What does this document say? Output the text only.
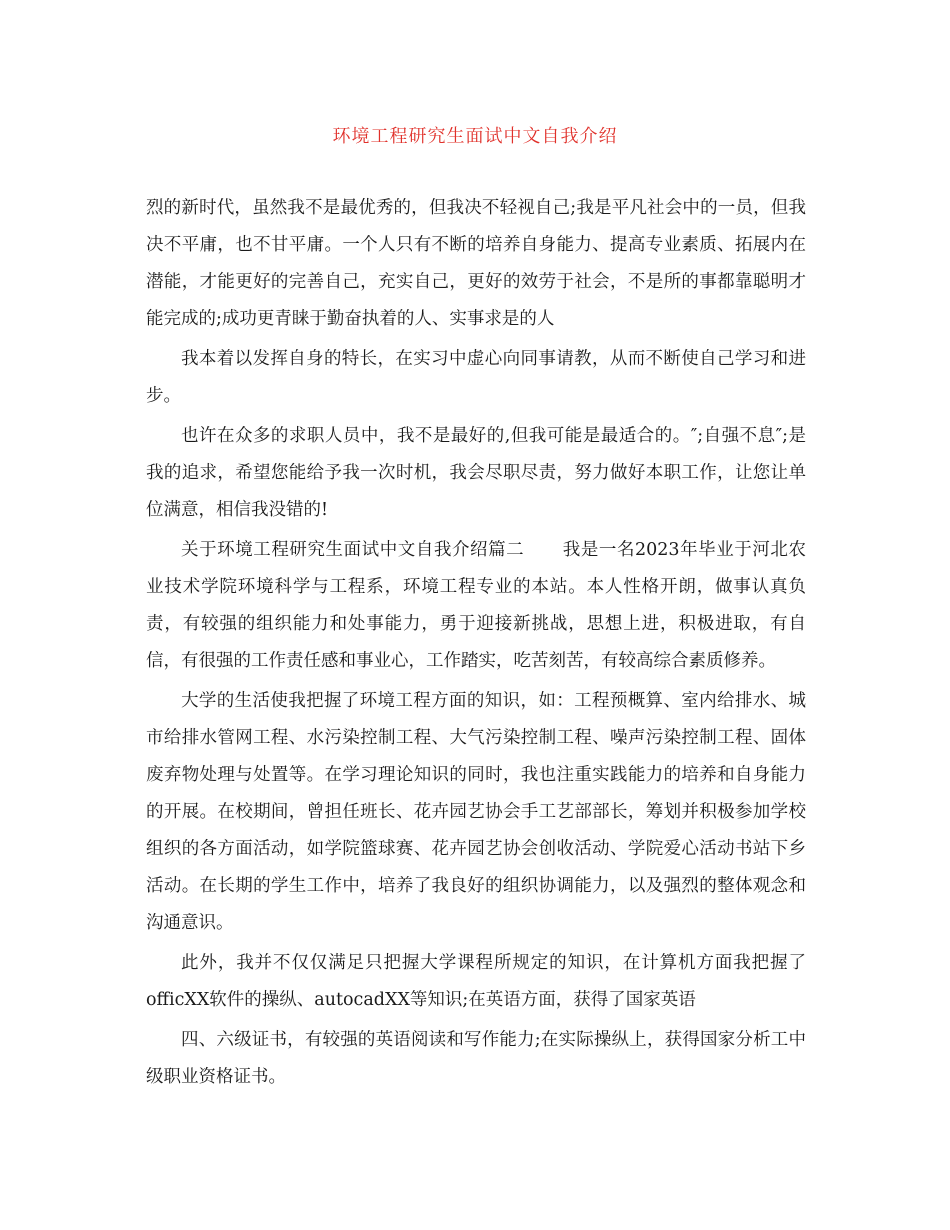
环境工程研究生面试中文自我介绍

烈的新时代，虽然我不是最优秀的，但我决不轻视自己;我是平凡社会中的一员，但我决不平庸，也不甘平庸。一个人只有不断的培养自身能力、提高专业素质、拓展内在潜能，才能更好的完善自己，充实自己，更好的效劳于社会，不是所的事都靠聪明才能完成的;成功更青睐于勤奋执着的人、实事求是的人

我本着以发挥自身的特长，在实习中虚心向同事请教，从而不断使自己学习和进步。

也许在众多的求职人员中，我不是最好的,但我可能是最适合的。″;自强不息″;是我的追求，希望您能给予我一次时机，我会尽职尽责，努力做好本职工作，让您让单位满意，相信我没错的!

关于环境工程研究生面试中文自我介绍篇二 我是一名2023年毕业于河北农业技术学院环境科学与工程系，环境工程专业的本站。本人性格开朗，做事认真负责，有较强的组织能力和处事能力，勇于迎接新挑战，思想上进，积极进取，有自信，有很强的工作责任感和事业心，工作踏实，吃苦刻苦，有较高综合素质修养。

大学的生活使我把握了环境工程方面的知识，如：工程预概算、室内给排水、城市给排水管网工程、水污染控制工程、大气污染控制工程、噪声污染控制工程、固体废弃物处理与处置等。在学习理论知识的同时，我也注重实践能力的培养和自身能力的开展。在校期间，曾担任班长、花卉园艺协会手工艺部部长，筹划并积极参加学校组织的各方面活动，如学院篮球赛、花卉园艺协会创收活动、学院爱心活动书站下乡活动。在长期的学生工作中，培养了我良好的组织协调能力，以及强烈的整体观念和沟通意识。

此外，我并不仅仅满足只把握大学课程所规定的知识，在计算机方面我把握了officXX软件的操纵、autocadXX等知识;在英语方面，获得了国家英语

四、六级证书，有较强的英语阅读和写作能力;在实际操纵上，获得国家分析工中级职业资格证书。
